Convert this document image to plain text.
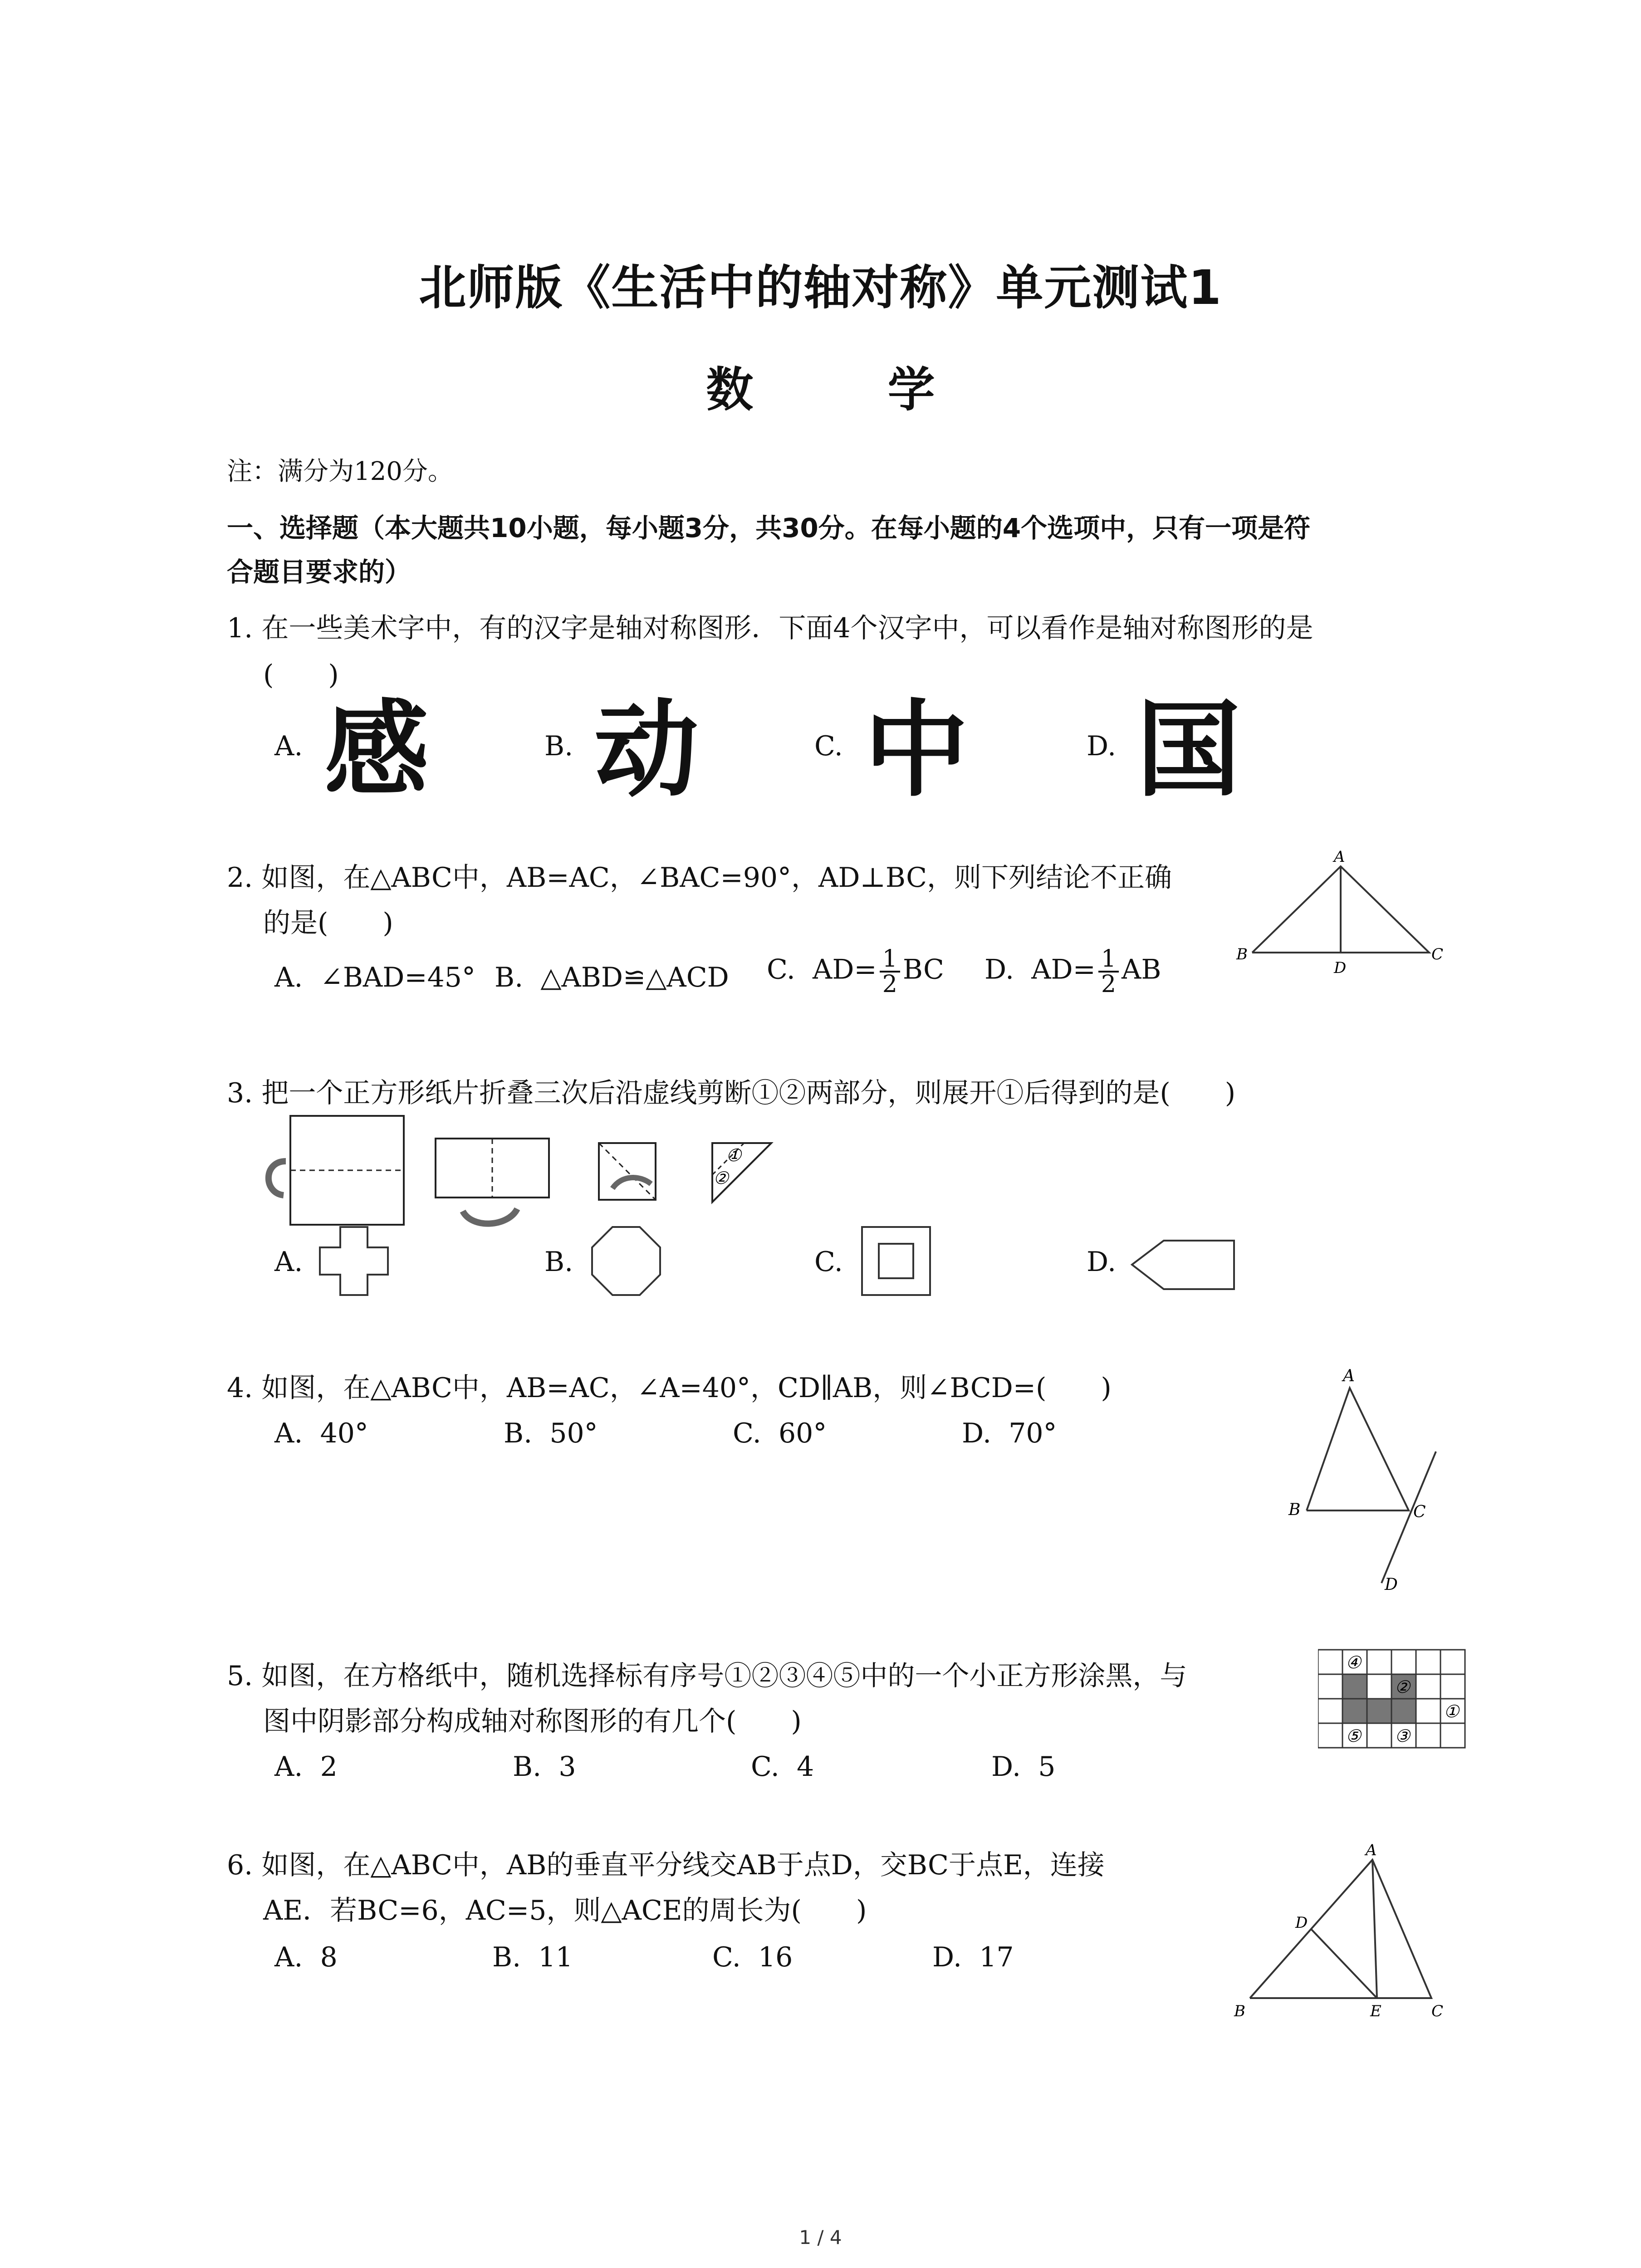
北师版《生活中的轴对称》单元测试1
数 学
注：满分为120分。
一、选择题（本大题共10小题，每小题3分，共30分。在每小题的4个选项中，只有一项是符
合题目要求的）
1. 在一些美术字中，有的汉字是轴对称图形．下面4个汉字中，可以看作是轴对称图形的是
(　　)
A. 感	B. 动	C. 中	D. 国
2. 如图，在△ABC中，AB=AC，∠BAC=90°，AD⊥BC，则下列结论不正确
的是(　　)
A. ∠BAD=45° B. △ABD≌△ACD C. $AD= \frac{1}{2}$ BC D. $AD= \frac{1}{2}$ AB
A
B	C
D
3. 把一个正方形纸片折叠三次后沿虚线剪断①②两部分，则展开①后得到的是(　　)
①
②
A.	B.	C.	D.
4. 如图，在△ABC中，AB=AC，∠A=40°，CD∥AB，则∠BCD=(　　)
A. 40°	B. 50°	C. 60°	D. 70°
A
B	C
D
5. 如图，在方格纸中，随机选择标有序号①②③④⑤中的一个小正方形涂黑，与
图中阴影部分构成轴对称图形的有几个(　　)
A. 2	B. 3	C. 4	D. 5
①
②
③
④
⑤
6. 如图，在△ABC中，AB的垂直平分线交AB于点D，交BC于点E，连接
AE．若BC=6，AC=5，则△ACE的周长为(　　)
A. 8	B. 11	C. 16	D. 17
A
B	C
D
E
1 / 4
